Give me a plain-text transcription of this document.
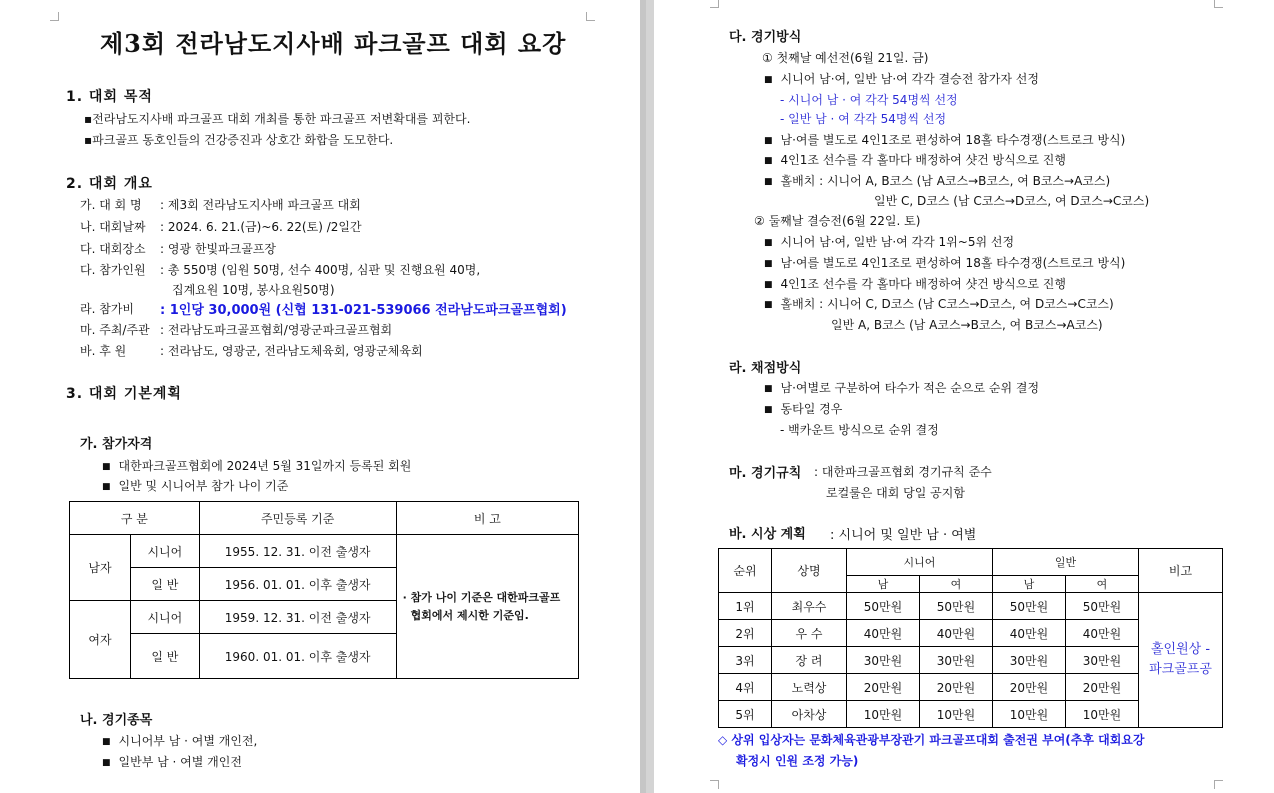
제3회 전라남도지사배 파크골프 대회 요강
1. 대회 목적
▪전라남도지사배 파크골프 대회 개최를 통한 파크골프 저변확대를 꾀한다.
▪파크골프 동호인들의 건강증진과 상호간 화합을 도모한다.
2. 대회 개요
가. 대 회 명 : 제3회 전라남도지사배 파크골프 대회
나. 대회날짜 : 2024. 6. 21.(금)~6. 22(토) /2일간
다. 대회장소 : 영광 한빛파크골프장
다. 참가인원 : 총 550명 (임원 50명, 선수 400명, 심판 및 진행요원 40명,
집계요원 10명, 봉사요원50명)
라. 참가비 : 1인당 30,000원 (신협 131-021-539066 전라남도파크골프협회)
마. 주최/주관 : 전라남도파크골프협회/영광군파크골프협회
바. 후 원	: 전라남도, 영광군, 전라남도체육회, 영광군체육회
3. 대회 기본계획
가. 참가자격
■ 대한파크골프협회에 2024년 5월 31일까지 등록된 회원
■ 일반 및 시니어부 참가 나이 기준
구 분		주민등록 기준	비 고
남자	시니어	1955. 12. 31. 이전 출생자	· 참가 나이 기준은 대한파크골프
협회에서 제시한 기준임.

	일 반	1956. 01. 01. 이후 출생자	
여자	시니어	1959. 12. 31. 이전 출생자	
	일 반	1960. 01. 01. 이후 출생자	
나. 경기종목
■ 시니어부 남 · 여별 개인전,
■ 일반부 남 · 여별 개인전
다. 경기방식
① 첫째날 예선전(6월 21일. 금)
■ 시니어 남·여, 일반 남·여 각각 결승전 참가자 선정
- 시니어 남 · 여 각각 54명씩 선정
- 일반 남 · 여 각각 54명씩 선정
■ 남·여를 별도로 4인1조로 편성하여 18홀 타수경쟁(스트로크 방식)
■ 4인1조 선수를 각 홀마다 배정하여 샷건 방식으로 진행
■ 홀배치 : 시니어 A, B코스 (남 A코스→B코스, 여 B코스→A코스)
일반 C, D코스 (남 C코스→D코스, 여 D코스→C코스)
② 둘째날 결승전(6월 22일. 토)
■ 시니어 남·여, 일반 남·여 각각 1위~5위 선정
■ 남·여를 별도로 4인1조로 편성하여 18홀 타수경쟁(스트로크 방식)
■ 4인1조 선수를 각 홀마다 배정하여 샷건 방식으로 진행
■ 홀배치 : 시니어 C, D코스 (남 C코스→D코스, 여 D코스→C코스)
일반 A, B코스 (남 A코스→B코스, 여 B코스→A코스)
라. 채점방식
■ 남·여별로 구분하여 타수가 적은 순으로 순위 결정
■ 동타일 경우
- 백카운트 방식으로 순위 결정
마. 경기규칙 : 대한파크골프협회 경기규칙 준수
로컬룰은 대회 당일 공지함
바. 시상 계획 : 시니어 및 일반 남 · 여별
순위	상명	시니어		일반		비고
		남	여	남	여	
1위	최우수	50만원	50만원	50만원	50만원	홀인원상 -
파크골프공

2위	우 수	40만원	40만원	40만원	40만원	
3위	장 려	30만원	30만원	30만원	30만원	
4위	노력상	20만원	20만원	20만원	20만원	
5위	아차상	10만원	10만원	10만원	10만원	
◇ 상위 입상자는 문화체육관광부장관기 파크골프대회 출전권 부여(추후 대회요강
확정시 인원 조정 가능)
